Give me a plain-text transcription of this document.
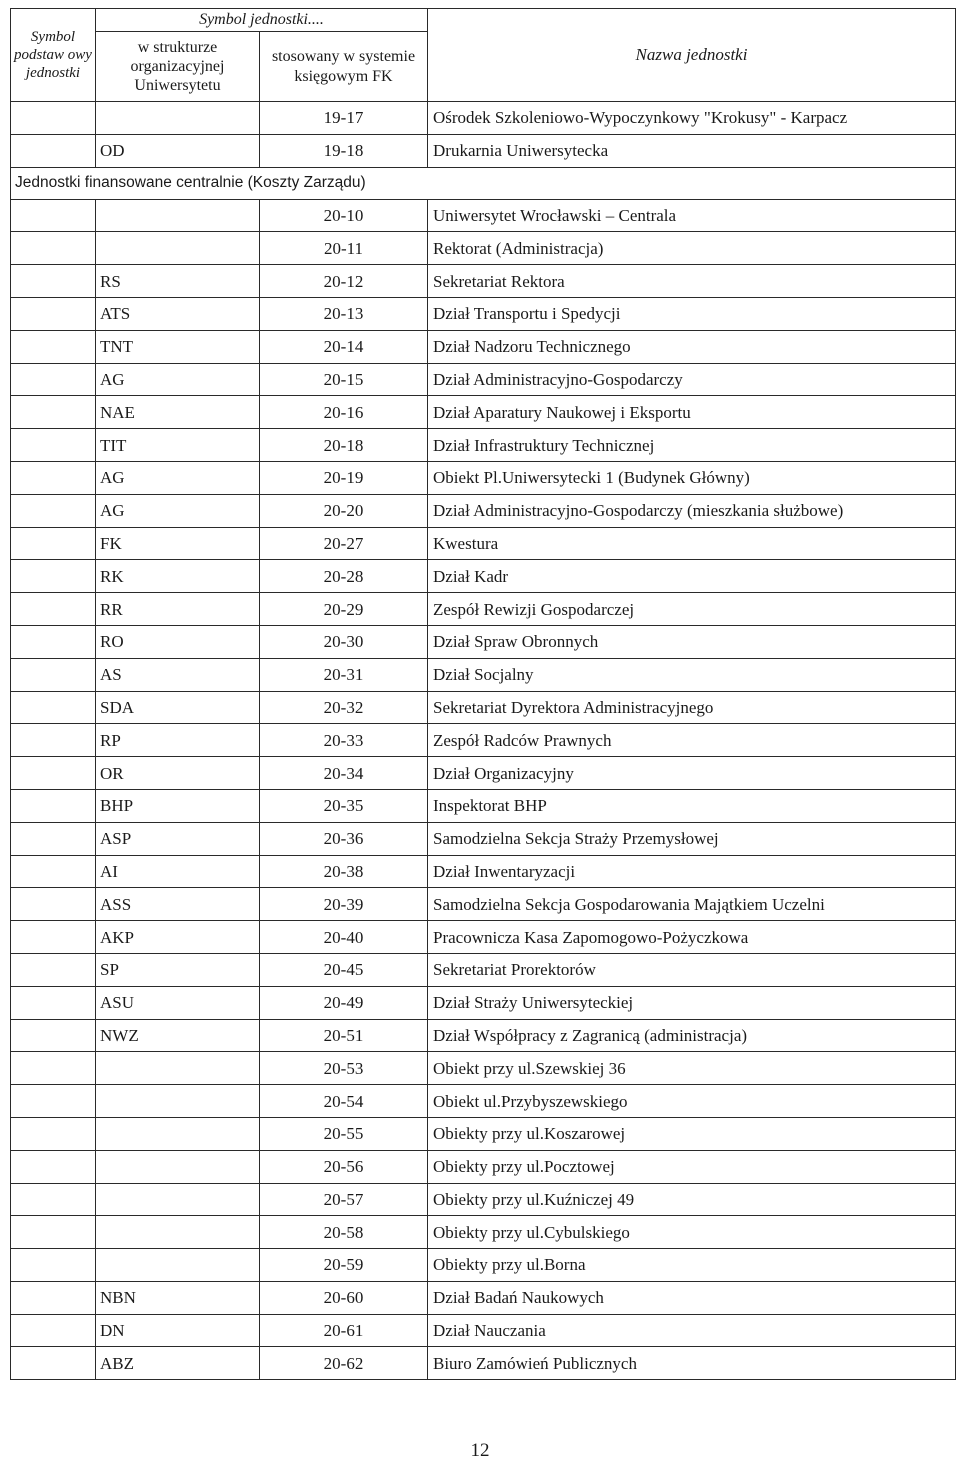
Symbol podstaw owy jednostki	Symbol jednostki....		Nazwa jednostki
	w strukturze organizacyjnej Uniwersytetu	stosowany w systemie księgowym FK	
		19-17	Ośrodek Szkoleniowo-Wypoczynkowy "Krokusy" - Karpacz
	OD	19-18	Drukarnia Uniwersytecka
Jednostki finansowane centralnie (Koszty Zarządu)			
		20-10	Uniwersytet Wrocławski – Centrala
		20-11	Rektorat (Administracja)
	RS	20-12	Sekretariat Rektora
	ATS	20-13	Dział Transportu i Spedycji
	TNT	20-14	Dział Nadzoru Technicznego
	AG	20-15	Dział Administracyjno-Gospodarczy
	NAE	20-16	Dział Aparatury Naukowej i Eksportu
	TIT	20-18	Dział Infrastruktury Technicznej
	AG	20-19	Obiekt Pl.Uniwersytecki 1 (Budynek Główny)
	AG	20-20	Dział Administracyjno-Gospodarczy (mieszkania służbowe)
	FK	20-27	Kwestura
	RK	20-28	Dział Kadr
	RR	20-29	Zespół Rewizji Gospodarczej
	RO	20-30	Dział Spraw Obronnych
	AS	20-31	Dział Socjalny
	SDA	20-32	Sekretariat Dyrektora Administracyjnego
	RP	20-33	Zespół Radców Prawnych
	OR	20-34	Dział Organizacyjny
	BHP	20-35	Inspektorat BHP
	ASP	20-36	Samodzielna Sekcja Straży Przemysłowej
	AI	20-38	Dział Inwentaryzacji
	ASS	20-39	Samodzielna Sekcja Gospodarowania Majątkiem Uczelni
	AKP	20-40	Pracownicza Kasa Zapomogowo-Pożyczkowa
	SP	20-45	Sekretariat Prorektorów
	ASU	20-49	Dział Straży Uniwersyteckiej
	NWZ	20-51	Dział Współpracy z Zagranicą (administracja)
		20-53	Obiekt przy ul.Szewskiej 36
		20-54	Obiekt ul.Przybyszewskiego
		20-55	Obiekty przy ul.Koszarowej
		20-56	Obiekty przy ul.Pocztowej
		20-57	Obiekty przy ul.Kuźniczej 49
		20-58	Obiekty przy ul.Cybulskiego
		20-59	Obiekty przy ul.Borna
	NBN	20-60	Dział Badań Naukowych
	DN	20-61	Dział Nauczania
	ABZ	20-62	Biuro Zamówień Publicznych
12
